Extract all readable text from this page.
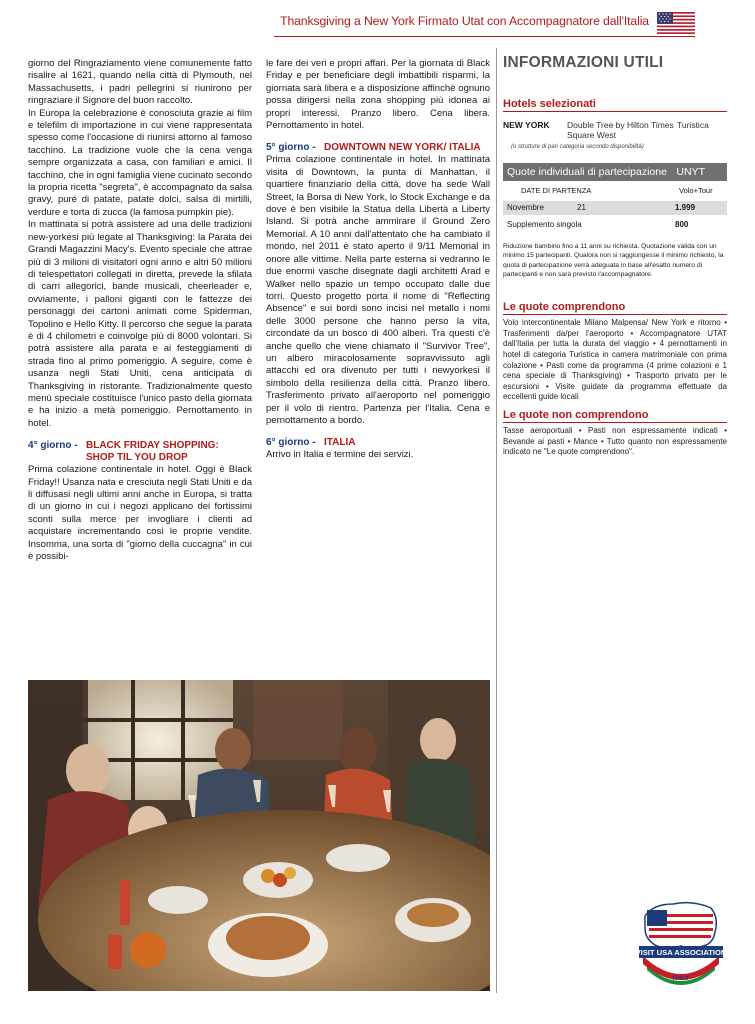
Thanksgiving a New York Firmato Utat con Accompagnatore dall'Italia

giorno del Ringraziamento viene comunemente fatto risalire al 1621, quando nella città di Plymouth, nel Massachusetts, i padri pellegrini si riunirono per ringraziare il Signore del buon raccolto.

In Europa la celebrazione è conosciuta grazie ai film e telefilm di importazione in cui viene rappresentata spesso come l'occasione di riunirsi attorno al famoso tacchino. La tradizione vuole che la cena venga sempre organizzata a casa, con familiari e amici. Il tacchino, che in ogni famiglia viene cucinato secondo la propria ricetta "segreta", è accompagnato da salsa gravy, puré di patate, patate dolci, salsa di mirtilli, verdure e torta di zucca (la famosa pumpkin pie).

In mattinata si potrà assistere ad una delle tradizioni new-yorkesi più legate al Thanksgiving: la Parata dei Grandi Magazzini Macy's. Evento speciale che attrae più di 3 milioni di visitatori ogni anno e altri 50 milioni di telespettatori collegati in diretta, prevede la sfilata di carri allegorici, bande musicali, cheerleader e, ovviamente, i palloni giganti con le fattezze dei personaggi dei cartoni animati come Spiderman, Topolino e Hello Kitty. Il percorso che segue la parata è di 4 chilometri e coinvolge più di 8000 volontari. Si potrà assistere alla parata e ai festeggiamenti di strada fino al primo pomeriggio. A seguire, come è usanza negli Stati Uniti, cena anticipata di Thanksgiving in ristorante. Tradizionalmente questo menù speciale costituisce l'unico pasto della giornata e ha inizio a metà pomeriggio. Pernottamento in hotel.

4° giorno - BLACK FRIDAY SHOPPING:
SHOP TIL YOU DROP

Prima colazione continentale in hotel. Oggi è Black Friday!! Usanza nata e cresciuta negli Stati Uniti e da li diffusasi negli ultimi anni anche in Europa, si tratta di un giorno in cui i negozi applicano dei fortissimi sconti sulla merce per invogliare i clienti ad acquistare incrementando così le proprie vendite. Insomma, una sorta di "giorno della cuccagna" in cui è possibi-

le fare dei veri e propri affari. Per la giornata di Black Friday e per beneficiare degli imbattibili risparmi, la giornata sarà libera e a disposizione affinchè ognuno possa dirigersi nella zona shopping più idonea ai propri interessi. Pranzo libero. Cena libera. Pernottamento in hotel.

5° giorno - DOWNTOWN NEW YORK/ ITALIA

Prima colazione continentale in hotel. In mattinata visita di Downtown, la punta di Manhattan, il quartiere finanziario della città, dove ha sede Wall Street, la Borsa di New York, lo Stock Exchange e da dove è ben visibile la Statua della Libertà a Liberty Island. Si potrà anche ammirare il Ground Zero Memorial. A 10 anni dall'attentato che ha cambiato il mondo, nel 2011 è stato aperto il 9/11 Memorial in onore alle vittime. Nella parte esterna si vedranno le due enormi vasche disegnate dagli architetti Arad e Walker nello spazio un tempo occupato dalle due torri. Questo progetto porta il nome di "Reflecting Absence" e sui bordi sono incisi nel metallo i nomi delle 3000 persone che hanno perso la vita, circondate da un bosco di 400 alberi. Tra questi c'è anche quello che viene chiamato il "Survivor Tree", un albero miracolosamente sopravvissuto agli attacchi ed ora divenuto per tutti i newyorkesi il simbolo della resilienza della città. Pranzo libero. Trasferimento privato all'aeroporto nel pomeriggio per il volo di rientro. Partenza per l'Italia. Cena e pernottamento a bordo.

6° giorno - ITALIA

Arrivo in Italia e termine dei servizi.

INFORMAZIONI UTILI
Hotels selezionati
NEW YORK	Double Tree by Hilton Times Square West
Turistica
(o strutture di pari categoria secondo disponibilità)
Quote individuali di partecipazione UNYT
DATE DI PARTENZA	Volo+Tour
Novembre	21	1.999
Supplemento singola	800
Riduzione bambino fino a 11 anni su richiesta. Quotazione valida con un minimo 15 partecipanti. Qualora non si raggiungesse il minimo richiesto, la quota di partecipazione verrà adeguata in base all'esatto numero di partecipanti e non sarà previsto l'accompagnatore.
Le quote comprendono
Volo intercontinentale Milano Malpensa/ New York e ritorno • Trasferimenti da/per l'aeroporto • Accompagnatore UTAT dall'Italia per tutta la durata del viaggio • 4 pernottamenti in hotel di categoria Turistica in camera matrimoniale con prima colazione • Pasti come da programma (4 prime colazioni e 1 cena speciale di Thanksgiving) • Trasporto privato per le escursioni • Visite guidate da programma effettuate da eccellenti guide locali
Le quote non comprendono
Tasse aeroportuali • Pasti non espressamente indicati • Bevande ai pasti • Mance • Tutto quanto non espressamente indicato ne "Le quote comprendono".
VISIT USA ASSOCIATION
ITALY
